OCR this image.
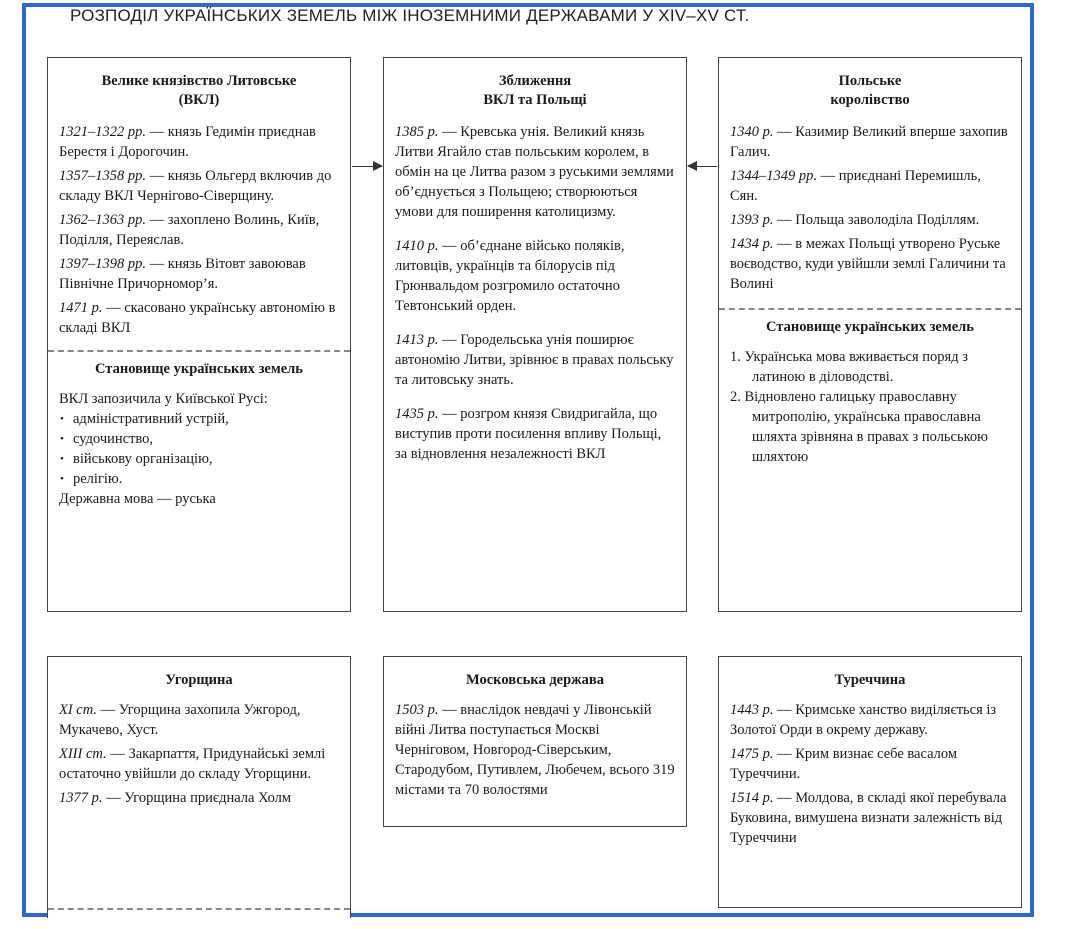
РОЗПОДІЛ УКРАЇНСЬКИХ ЗЕМЕЛЬ МІЖ ІНОЗЕМНИМИ ДЕРЖАВАМИ У XIV–XV СТ.
Велике князівство Литовське
(ВКЛ)

1321–1322 рр. — князь Гедимін приєднав Берестя і Дорогочин.

1357–1358 рр. — князь Ольгерд включив до складу ВКЛ Чернігово-Сіверщину.

1362–1363 рр. — захоплено Волинь, Київ, Поділля, Переяслав.

1397–1398 рр. — князь Вітовт завоював Північне Причорномор’я.

1471 р. — скасовано українську автономію в складі ВКЛ

Становище українських земель
ВКЛ запозичила у Київської Русі:
• адміністративний устрій,
• судочинство,
• військову організацію,
• релігію.
Державна мова — руська
Зближення
ВКЛ та Польщі

1385 р. — Кревська унія. Великий князь Литви Ягайло став польським королем, в обмін на це Литва разом з руськими землями об’єднується з Польщею; створюються умови для поширення католицизму.

1410 р. — об’єднане військо поляків, литовців, українців та білорусів під Грюнвальдом розгромило остаточно Тевтонський орден.

1413 р. — Городельська унія поширює автономію Литви, зрівнює в правах польську та литовську знать.

1435 р. — розгром князя Свидригайла, що виступив проти посилення впливу Польщі, за відновлення незалежності ВКЛ

Польське
королівство

1340 р. — Казимир Великий вперше захопив Галич.

1344–1349 рр. — приєднані Перемишль, Сян.

1393 р. — Польща заволоділа Поділлям.

1434 р. — в межах Польщі утворено Руське воєводство, куди увійшли землі Галичини та Волині

Становище українських земель
1. Українська мова вживається поряд з латиною в діловодстві.
2. Відновлено галицьку православну митрополію, українська православна шляхта зрівняна в правах з польською шляхтою
Угорщина

XI ст. — Угорщина захопила Ужгород, Мукачево, Хуст.

XIII ст. — Закарпаття, Придунайські землі остаточно увійшли до складу Угорщини.

1377 р. — Угорщина приєднала Холм

Московська держава

1503 р. — внаслідок невдачі у Лівонській війні Литва поступається Москві Черніговом, Новгород-Сіверським, Стародубом, Путивлем, Любечем, всього 319 містами та 70 волостями

Туреччина

1443 р. — Кримське ханство виділяється із Золотої Орди в окрему державу.

1475 р. — Крим визнає себе васалом Туреччини.

1514 р. — Молдова, в складі якої перебувала Буковина, вимушена визнати залежність від Туреччини
